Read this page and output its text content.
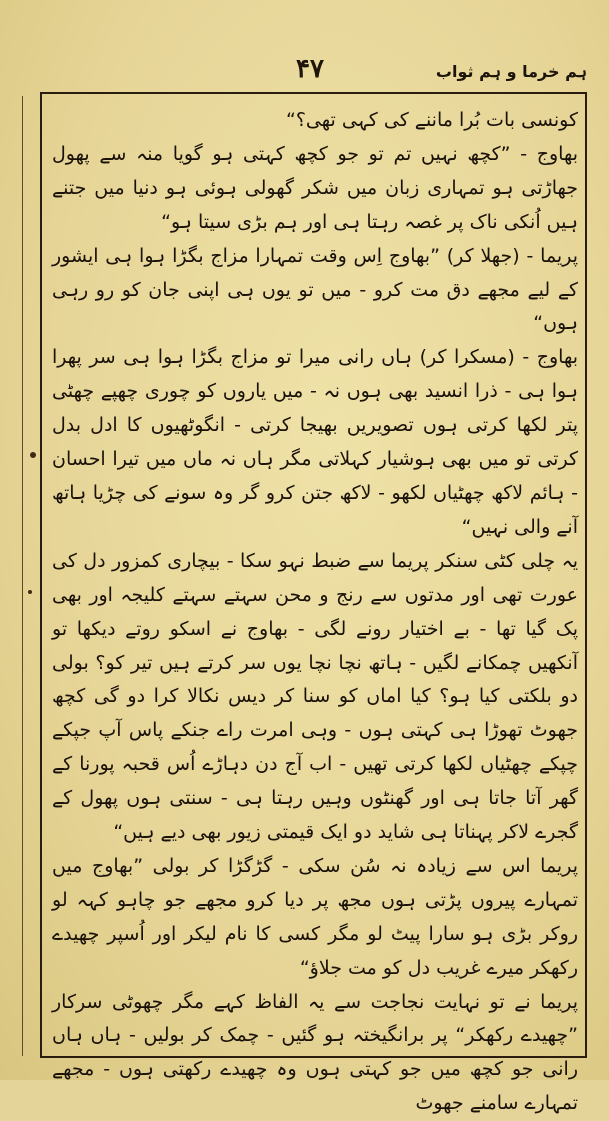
ہم خرما و ہم ثواب
۴۷

کونسی بات بُرا ماننے کی کہی تھی؟“

بھاوج - ”کچھ نہیں تم تو جو کچھ کہتی ہو گویا منہ سے پھول جھاڑتی ہو تمہاری زبان میں شکر گھولی ہوئی ہو دنیا میں جتنے ہیں اُنکی ناک پر غصہ رہتا ہی اور ہم بڑی سیتا ہو“

پریما - (جھلا کر) ”بھاوج اِس وقت تمہارا مزاج بگڑا ہوا ہی ایشور کے لیے مجھے دق مت کرو - میں تو یوں ہی اپنی جان کو رو رہی ہوں“

بھاوج - (مسکرا کر) ہاں رانی میرا تو مزاج بگڑا ہوا ہی سر پھرا ہوا ہی - ذرا انسید بھی ہوں نہ - میں یاروں کو چوری چھپے چھٹی پتر لکھا کرتی ہوں تصویریں بھیجا کرتی - انگوٹھیوں کا ادل بدل کرتی تو میں بھی ہوشیار کہلاتی مگر ہاں نہ ماں میں تیرا احسان - ہائم لاکھ چھٹیاں لکھو - لاکھ جتن کرو گر وہ سونے کی چڑیا ہاتھ آنے والی نہیں“

یہ چلی کٹی سنکر پریما سے ضبط نہو سکا - بیچاری کمزور دل کی عورت تھی اور مدتوں سے رنج و محن سہتے سہتے کلیجہ اور بھی پک گیا تھا - بے اختیار رونے لگی - بھاوج نے اسکو روتے دیکھا تو آنکھیں چمکانے لگیں - ہاتھ نچا نچا یوں سر کرتے ہیں تیر کو؟ بولی دو بلکتی کیا ہو؟ کیا اماں کو سنا کر دیس نکالا کرا دو گی کچھ جھوٹ تھوڑا ہی کہتی ہوں - وہی امرت راے جنکے پاس آپ جپکے چپکے چھٹیاں لکھا کرتی تھیں - اب آج دن دہاڑے اُس قحبہ پورنا کے گھر آتا جاتا ہی اور گھنٹوں وہیں رہتا ہی - سنتی ہوں پھول کے گجرے لاکر پہناتا ہی شاید دو ایک قیمتی زیور بھی دیے ہیں“

پریما اس سے زیادہ نہ سُن سکی - گڑگڑا کر بولی ”بھاوج میں تمہارے پیروں پڑتی ہوں مجھ پر دیا کرو مجھے جو چاہو کہہ لو روکر بڑی ہو سارا پیٹ لو مگر کسی کا نام لیکر اور اُسپر چھیدے رکھکر میرے غریب دل کو مت جلاؤ“

پریما نے تو نہایت نجاجت سے یہ الفاظ کہے مگر چھوٹی سرکار ”چھیدے رکھکر“ پر برانگیختہ ہو گئیں - چمک کر بولیں - ہاں ہاں رانی جو کچھ میں جو کہتی ہوں وہ چھیدے رکھتی ہوں - مجھے تمہارے سامنے جھوٹ
